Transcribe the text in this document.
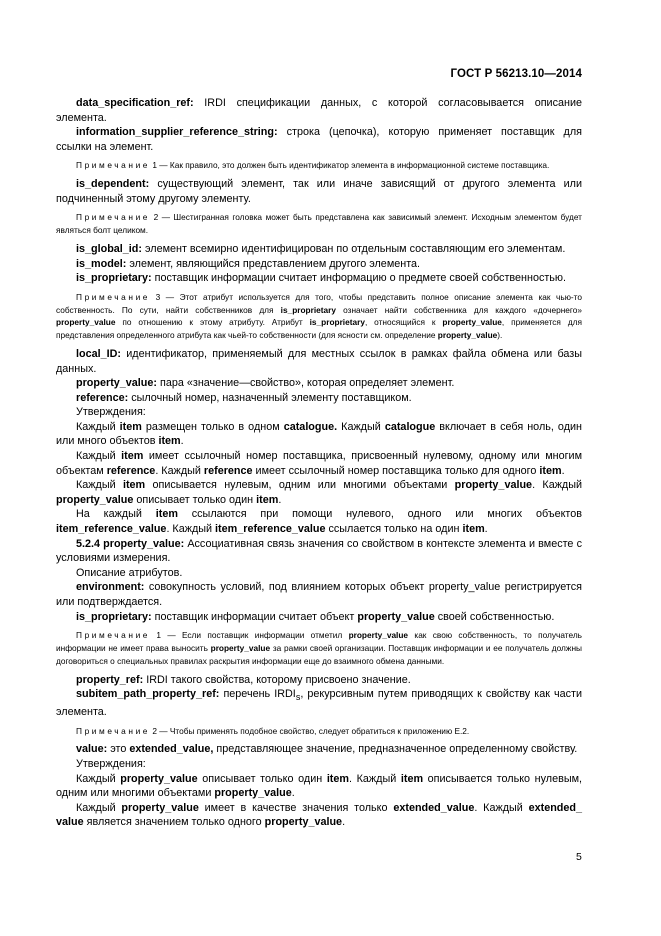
ГОСТ Р 56213.10—2014

data_specification_ref: IRDI спецификации данных, с которой согласовывается описание элемента.

information_supplier_reference_string: строка (цепочка), которую применяет поставщик для ссылки на элемент.

Примечание 1 — Как правило, это должен быть идентификатор элемента в информационной системе поставщика.

is_dependent: существующий элемент, так или иначе зависящий от другого элемента или подчиненный этому другому элементу.

Примечание 2 — Шестигранная головка может быть представлена как зависимый элемент. Исходным элементом будет являться болт целиком.

is_global_id: элемент всемирно идентифицирован по отдельным составляющим его элементам.

is_model: элемент, являющийся представлением другого элемента.

is_proprietary: поставщик информации считает информацию о предмете своей собственностью.

Примечание 3 — Этот атрибут используется для того, чтобы представить полное описание элемента как чью-то собственность. По сути, найти собственников для is_proprietary означает найти собственника для каждого «дочернего» property_value по отношению к этому атрибуту. Атрибут is_proprietary, относящийся к property_value, применяется для представления определенного атрибута как чьей-то собственности (для ясности см. определение property_value).

local_ID: идентификатор, применяемый для местных ссылок в рамках файла обмена или базы данных.

property_value: пара «значение—свойство», которая определяет элемент.

reference: сылочный номер, назначенный элементу поставщиком.

Утверждения:

Каждый item размещен только в одном catalogue. Каждый catalogue включает в себя ноль, один или много объектов item.

Каждый item имеет ссылочный номер поставщика, присвоенный нулевому, одному или многим объектам reference. Каждый reference имеет ссылочный номер поставщика только для одного item.

Каждый item описывается нулевым, одним или многими объектами property_value. Каждый property_value описывает только один item.

На каждый item ссылаются при помощи нулевого, одного или многих объектов item_reference_value. Каждый item_reference_value ссылается только на один item.

5.2.4 property_value: Ассоциативная связь значения со свойством в контексте элемента и вместе с условиями измерения.

Описание атрибутов.

environment: совокупность условий, под влиянием которых объект property_value регистрируется или подтверждается.

is_proprietary: поставщик информации считает объект property_value своей собственностью.

Примечание 1 — Если поставщик информации отметил property_value как свою собственность, то получатель информации не имеет права выносить property_value за рамки своей организации. Поставщик информации и ее получатель должны договориться о специальных правилах раскрытия информации еще до взаимного обмена данными.

property_ref: IRDI такого свойства, которому присвоено значение.

subitem_path_property_ref: перечень $IRDI_s$, рекурсивным путем приводящих к свойству как части элемента.

Примечание 2 — Чтобы применять подобное свойство, следует обратиться к приложению Е.2.

value: это extended_value, представляющее значение, предназначенное определенному свойству.

Утверждения:

Каждый property_value описывает только один item. Каждый item описывается только нулевым, одним или многими объектами property_value.

Каждый property_value имеет в качестве значения только extended_value. Каждый extended_ value является значением только одного property_value.

5
